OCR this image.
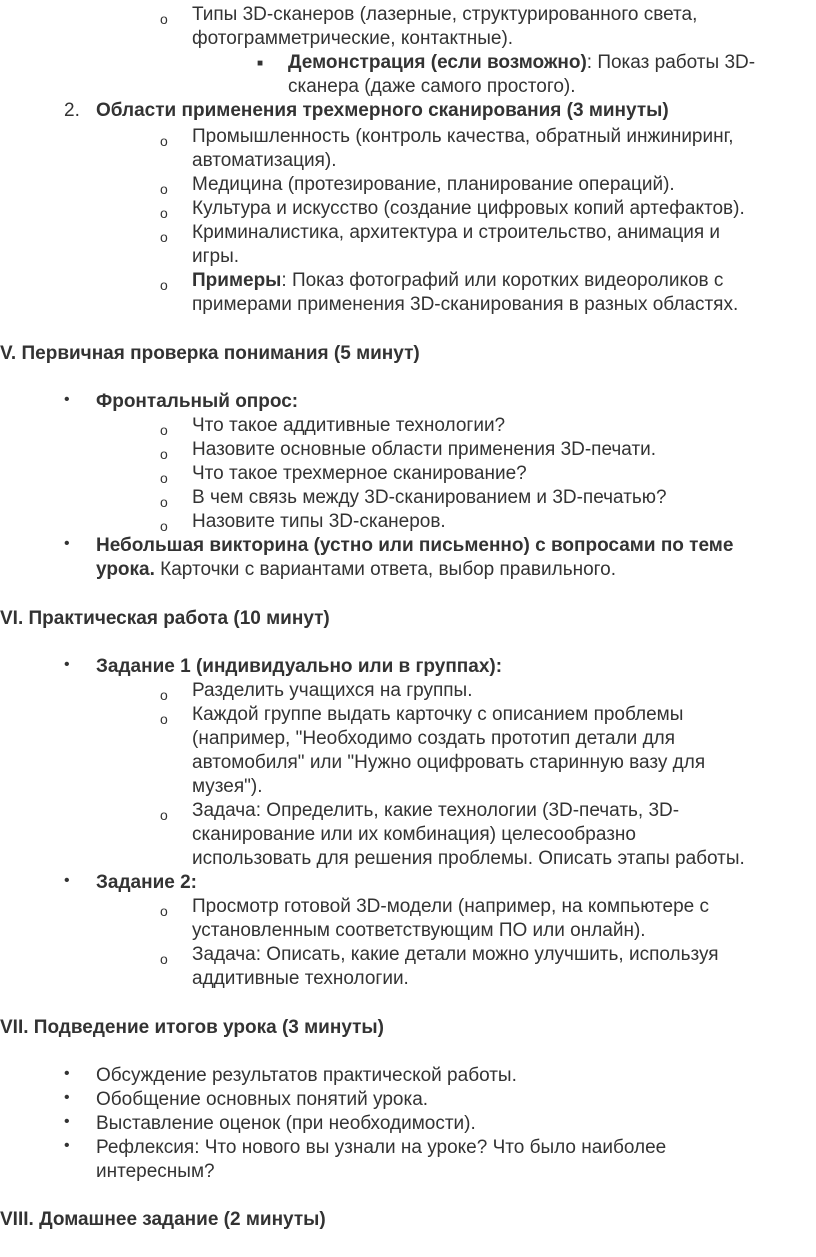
o Типы 3D-сканеров (лазерные, структурированного света,
фотограмметрические, контактные).
■ Демонстрация (если возможно): Показ работы 3D-
сканера (даже самого простого).
2. Области применения трехмерного сканирования (3 минуты)
o Промышленность (контроль качества, обратный инжиниринг,
автоматизация).
o Медицина (протезирование, планирование операций).
o Культура и искусство (создание цифровых копий артефактов).
o Криминалистика, архитектура и строительство, анимация и
игры.
o Примеры: Показ фотографий или коротких видеороликов с
примерами применения 3D-сканирования в разных областях.
V. Первичная проверка понимания (5 минут)
• Фронтальный опрос:
o Что такое аддитивные технологии?
o Назовите основные области применения 3D-печати.
o Что такое трехмерное сканирование?
o В чем связь между 3D-сканированием и 3D-печатью?
o Назовите типы 3D-сканеров.
• Небольшая викторина (устно или письменно) с вопросами по теме
урока. Карточки с вариантами ответа, выбор правильного.
VI. Практическая работа (10 минут)
• Задание 1 (индивидуально или в группах):
o Разделить учащихся на группы.
o Каждой группе выдать карточку с описанием проблемы
(например, "Необходимо создать прототип детали для
автомобиля" или "Нужно оцифровать старинную вазу для
музея").
o Задача: Определить, какие технологии (3D-печать, 3D-
сканирование или их комбинация) целесообразно
использовать для решения проблемы. Описать этапы работы.
• Задание 2:
o Просмотр готовой 3D-модели (например, на компьютере с
установленным соответствующим ПО или онлайн).
o Задача: Описать, какие детали можно улучшить, используя
аддитивные технологии.
VII. Подведение итогов урока (3 минуты)
• Обсуждение результатов практической работы.
• Обобщение основных понятий урока.
• Выставление оценок (при необходимости).
• Рефлексия: Что нового вы узнали на уроке? Что было наиболее
интересным?
VIII. Домашнее задание (2 минуты)
